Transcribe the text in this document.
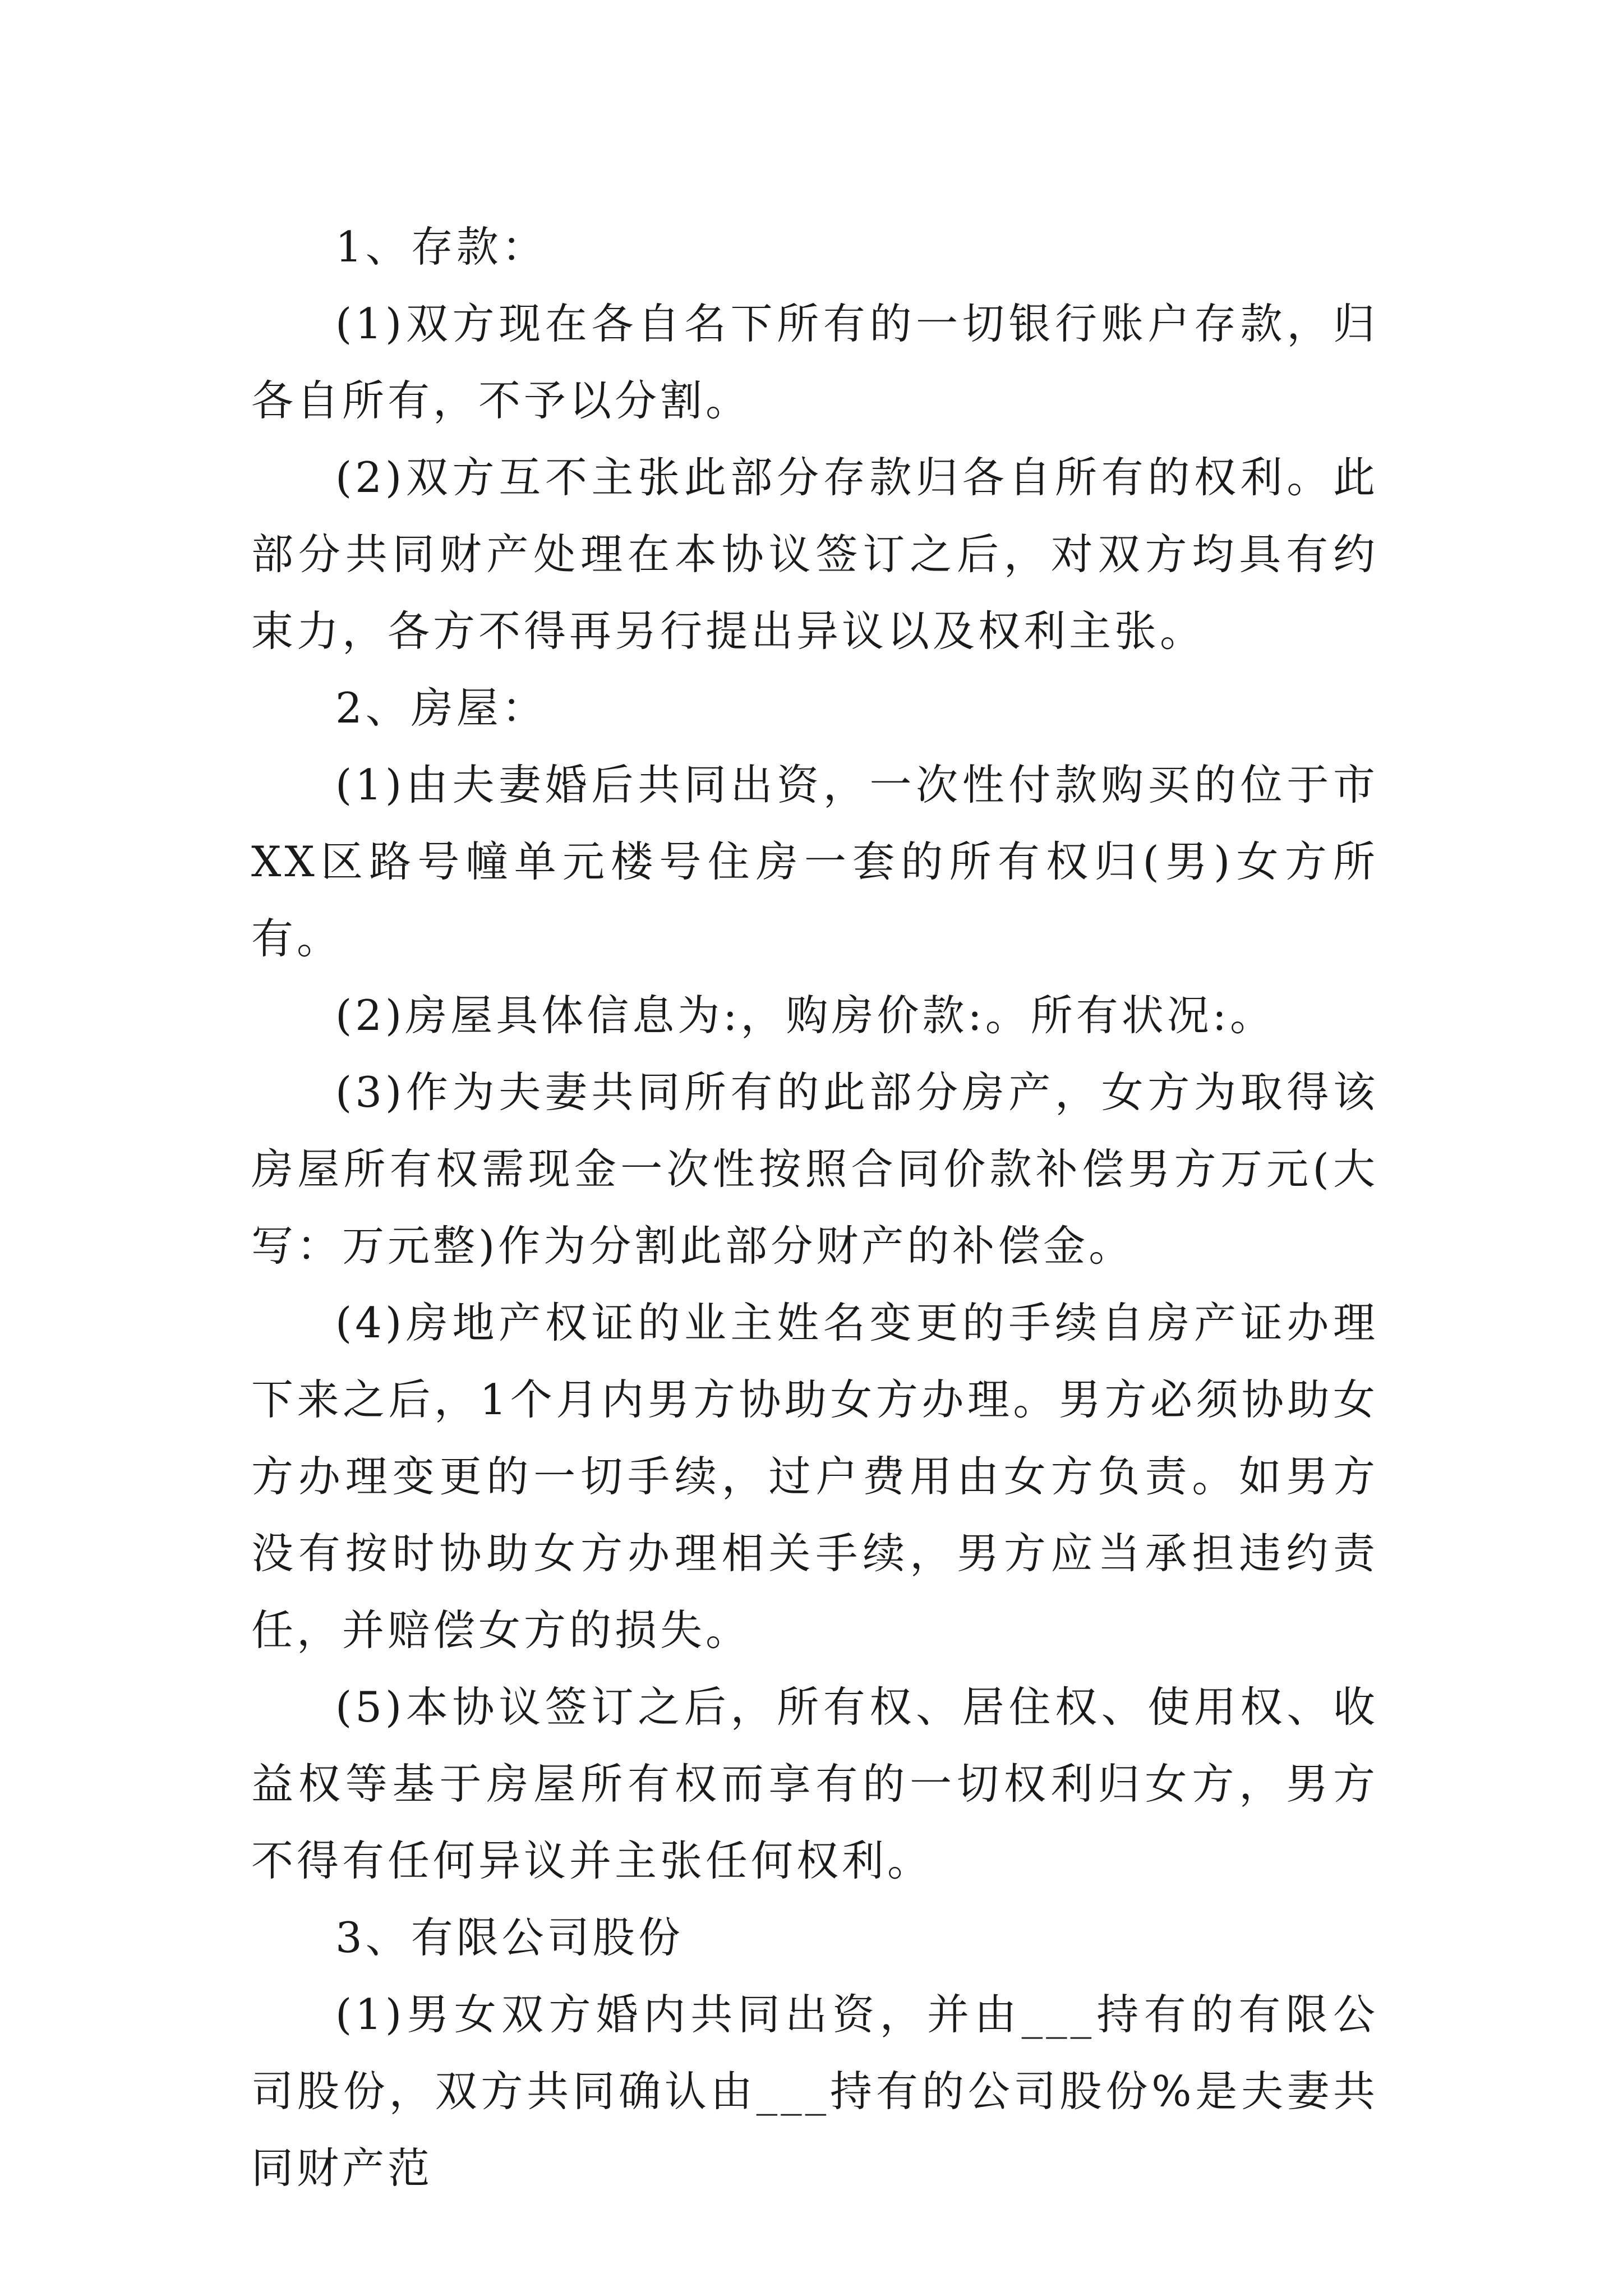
1、存款：

(1)双方现在各自名下所有的一切银行账户存款，归各自所有，不予以分割。

(2)双方互不主张此部分存款归各自所有的权利。此部分共同财产处理在本协议签订之后，对双方均具有约束力，各方不得再另行提出异议以及权利主张。

2、房屋：

(1)由夫妻婚后共同出资，一次性付款购买的位于市XX区路号幢单元楼号住房一套的所有权归(男)女方所有。

(2)房屋具体信息为:，购房价款:。所有状况:。

(3)作为夫妻共同所有的此部分房产，女方为取得该房屋所有权需现金一次性按照合同价款补偿男方万元(大写：万元整)作为分割此部分财产的补偿金。

(4)房地产权证的业主姓名变更的手续自房产证办理下来之后，1个月内男方协助女方办理。男方必须协助女方办理变更的一切手续，过户费用由女方负责。如男方没有按时协助女方办理相关手续，男方应当承担违约责任，并赔偿女方的损失。

(5)本协议签订之后，所有权、居住权、使用权、收益权等基于房屋所有权而享有的一切权利归女方，男方不得有任何异议并主张任何权利。

3、有限公司股份

(1)男女双方婚内共同出资，并由___持有的有限公司股份，双方共同确认由___持有的公司股份%是夫妻共同财产范
